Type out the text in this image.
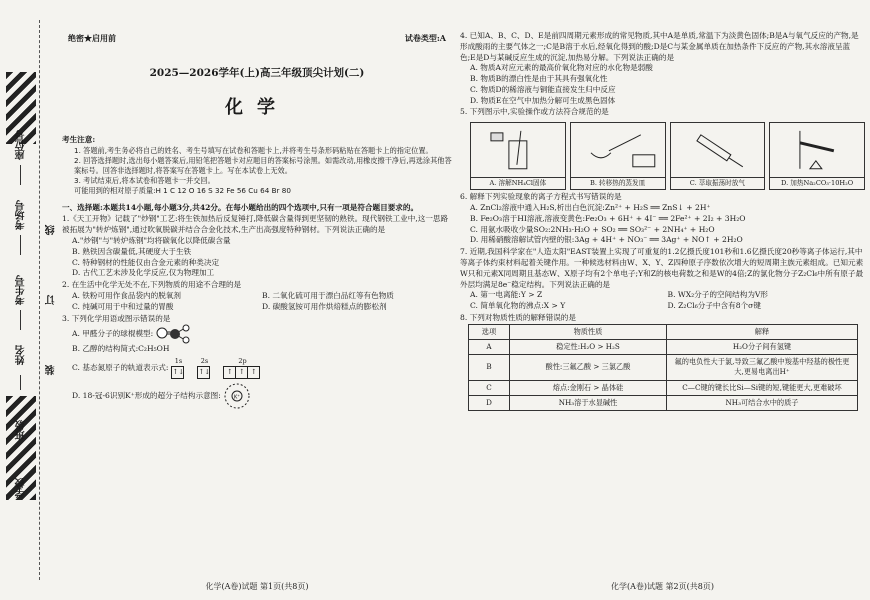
座位号
考场号
考生号
姓名
班级
学校
线
订
装
绝密★启用前	试卷类型:A
2025—2026学年(上)高三年级顶尖计划(二)
化学
考生注意:
1. 答题前,考生务必将自己的姓名、考生号填写在试卷和答题卡上,并将考生号条形码粘贴在答题卡上的指定位置。
2. 回答选择题时,选出每小题答案后,用铅笔把答题卡对应题目的答案标号涂黑。如需改动,用橡皮擦干净后,再选涂其他答案标号。回答非选择题时,将答案写在答题卡上。写在本试卷上无效。
3. 考试结束后,将本试卷和答题卡一并交回。
可能用到的相对原子质量:H 1 C 12 O 16 S 32 Fe 56 Cu 64 Br 80
一、选择题:本题共14小题,每小题3分,共42分。在每小题给出的四个选项中,只有一项是符合题目要求的。
1.《天工开物》记载了"炒钢"工艺:将生铁加热后反复锤打,降低碳含量得到更坚韧的熟铁。现代钢铁工业中,这一思路被拓展为"转炉炼钢",通过吹氧脱碳并结合合金化技术,生产出高强度特种钢材。下列说法正确的是
A."炒钢"与"转炉炼钢"均将碳氧化以降低碳含量
B. 熟铁因含碳量低,其硬度大于生铁
C. 特种钢材的性能仅由合金元素的种类决定
D. 古代工艺未涉及化学反应,仅为物理加工
2. 在生活中化学无处不在,下列物质的用途不合理的是
A. 铁粉可用作食品袋内的脱氧剂	B. 二氧化硫可用于漂白品红等有色物质
C. 纯碱可用于中和过量的胃酸	D. 碳酸氢铵可用作烘焙糕点的膨松剂
3. 下列化学用语或图示错误的是
A. 甲醛分子的球棍模型:
B. 乙醇的结构简式:C₂H₅OH
C. 基态氮原子的轨道表示式:
1s
↑↓
2s
↑↓
2p
↑ ↑ ↑
D. 18-冠-6识别K⁺形成的超分子结构示意图:	K⁺
化学(A卷)试题 第1页(共8页)
4. 已知A、B、C、D、E是前四周期元素形成的常见物质,其中A是单质,常温下为淡黄色固体;B是A与氧气反应的产物,是形成酸雨的主要气体之一;C是B溶于水后,经氧化得到的酸;D是C与某金属单质在加热条件下反应的产物,其水溶液呈蓝色;E是D与某碱反应生成的沉淀,加热易分解。下列说法正确的是
A. 物质A对应元素的最高价氧化物对应的水化物是弱酸
B. 物质B的漂白性是由于其具有强氧化性
C. 物质D的稀溶液与铜能直接发生归中反应
D. 物质E在空气中加热分解可生成黑色固体
5. 下列图示中,实验操作或方法符合规范的是
A. 溶解NH₄Cl固体	B. 转移热的蒸发皿	C. 萃取振荡时放气	D. 加热Na₂CO₃·10H₂O
6. 解释下列实验现象的离子方程式书写错误的是
A. ZnCl₂溶液中通入H₂S,析出白色沉淀:Zn²⁺ + H₂S ══ ZnS↓ + 2H⁺
B. Fe₂O₃溶于HI溶液,溶液变黄色:Fe₂O₃ + 6H⁺ + 4I⁻ ══ 2Fe²⁺ + 2I₂ + 3H₂O
C. 用氨水吸收少量SO₂:2NH₃·H₂O + SO₂ ══ SO₃²⁻ + 2NH₄⁺ + H₂O
D. 用稀硝酸溶解试管内壁的银:3Ag + 4H⁺ + NO₃⁻ ══ 3Ag⁺ + NO↑ + 2H₂O
7. 近期,我国科学家在"人造太阳"EAST装置上实现了可重复的1.2亿摄氏度101秒和1.6亿摄氏度20秒等离子体运行,其中等离子体约束材料起着关键作用。一种候选材料由W、X、Y、Z四种原子序数依次增大的短周期主族元素组成。已知元素W只和元素X同周期且基态W、X原子均有2个单电子;Y和Z的核电荷数之和是W的4倍;Z的氯化物分子Z₂Cl₆中所有原子最外层均满足8e⁻稳定结构。下列说法正确的是
A. 第一电离能:Y > Z	B. WX₂分子的空间结构为V形
C. 简单氧化物的沸点:X > Y	D. Z₂Cl₆分子中含有8个σ键
8. 下列对物质性质的解释错误的是
选项	物质性质	解释
A	稳定性:H₂O > H₂S	H₂O分子间有氢键
B	酸性:三氟乙酸 > 三氯乙酸	氟的电负性大于氯,导致三氟乙酸中羧基中羟基的极性更大,更易电离出H⁺
C	熔点:金刚石 > 晶体硅	C—C键的键长比Si—Si键的短,键能更大,更难破坏
D	NH₃溶于水显碱性	NH₃可结合水中的质子
化学(A卷)试题 第2页(共8页)
